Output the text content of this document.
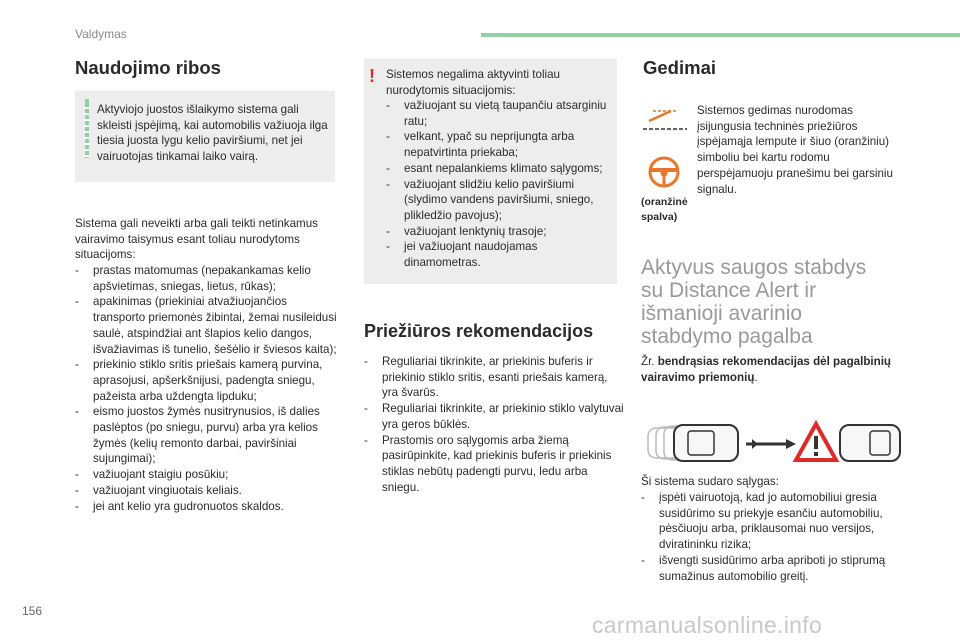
Valdymas
Naudojimo ribos
Aktyviojo juostos išlaikymo sistema gali skleisti įspėjimą, kai automobilis važiuoja ilga tiesia juosta lygu kelio paviršiumi, net jei vairuotojas tinkamai laiko vairą.
Sistema gali neveikti arba gali teikti netinkamus vairavimo taisymus esant toliau nurodytoms situacijoms:
- prastas matomumas (nepakankamas kelio apšvietimas, sniegas, lietus, rūkas);
- apakinimas (priekiniai atvažiuojančios transporto priemonės žibintai, žemai nusileidusi saulė, atspindžiai ant šlapios kelio dangos, išvažiavimas iš tunelio, šešėlio ir šviesos kaita);
- priekinio stiklo sritis priešais kamerą purvina, aprasojusi, apšerkšnijusi, padengta sniegu, pažeista arba uždengta lipduku;
- eismo juostos žymės nusitrynusios, iš dalies paslėptos (po sniegu, purvu) arba yra kelios žymės (kelių remonto darbai, paviršiniai sujungimai);
- važiuojant staigiu posūkiu;
- važiuojant vingiuotais keliais.
- jei ant kelio yra gudronuotos skaldos.
! Sistemos negalima aktyvinti toliau nurodytomis situacijomis:
- važiuojant su vietą taupančiu atsarginiu ratu;
- velkant, ypač su neprijungta arba nepatvirtinta priekaba;
- esant nepalankiems klimato sąlygoms;
- važiuojant slidžiu kelio paviršiumi (slydimo vandens paviršiumi, sniego, plikledžio pavojus);
- važiuojant lenktynių trasoje;
- jei važiuojant naudojamas dinamometras.
Priežiūros rekomendacijos
- Reguliariai tikrinkite, ar priekinis buferis ir priekinio stiklo sritis, esanti priešais kamerą, yra švarūs.
- Reguliariai tikrinkite, ar priekinio stiklo valytuvai yra geros būklės.
- Prastomis oro sąlygomis arba žiemą pasirūpinkite, kad priekinis buferis ir priekinis stiklas nebūtų padengti purvu, ledu arba sniegu.
Gedimai
(oranžinė spalva)
Sistemos gedimas nurodomas įsijungusia techninės priežiūros įspėjamąja lempute ir šiuo (oranžiniu) simboliu bei kartu rodomu perspėjamuoju pranešimu bei garsiniu signalu.
Aktyvus saugos stabdys su Distance Alert ir išmanioji avarinio stabdymo pagalba
Žr. bendrąsias rekomendacijas dėl pagalbinių vairavimo priemonių.
Ši sistema sudaro sąlygas:
- įspėti vairuotoją, kad jo automobiliui gresia susidūrimo su priekyje esančiu automobiliu, pėsčiuoju arba, priklausomai nuo versijos, dviratininku rizika;
- išvengti susidūrimo arba apriboti jo stiprumą sumažinus automobilio greitį.
156
carmanualsonline.info
